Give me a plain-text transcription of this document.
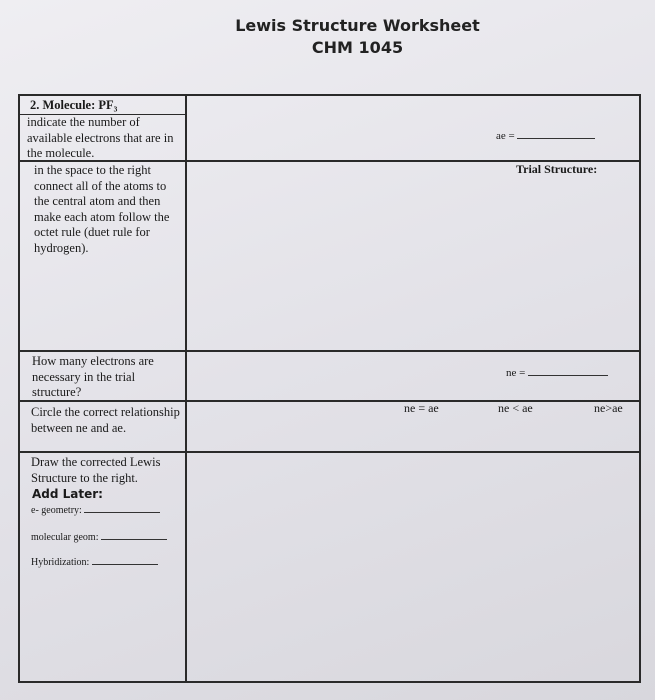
Lewis Structure Worksheet
CHM 1045
2. Molecule: PF₃
indicate the number of available electrons that are in the molecule.
ae =
in the space to the right connect all of the atoms to the central atom and then make each atom follow the octet rule (duet rule for hydrogen).
Trial Structure:
How many electrons are necessary in the trial structure?
ne =
Circle the correct relationship between ne and ae.
ne = ae	ne < ae	ne>ae
Draw the corrected Lewis Structure to the right.
Add Later:
e- geometry:
molecular geom:
Hybridization:
